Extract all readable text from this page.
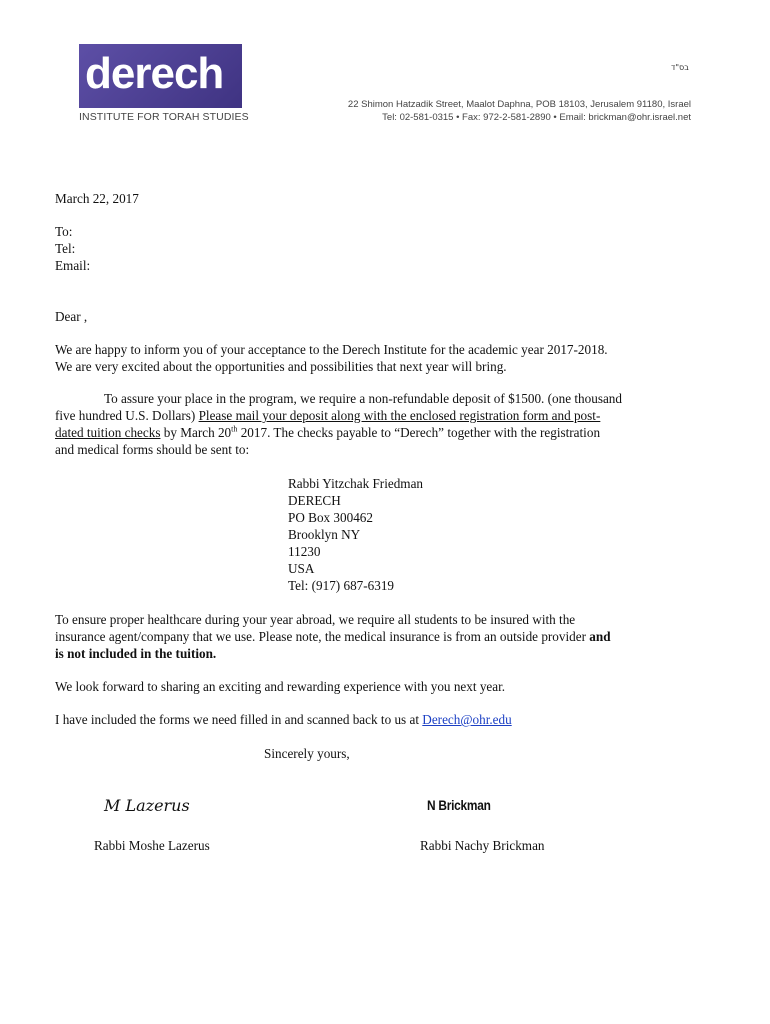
derech
INSTITUTE FOR TORAH STUDIES
בס"ד
22 Shimon Hatzadik Street, Maalot Daphna, POB 18103, Jerusalem 91180, Israel
Tel: 02-581-0315 • Fax: 972-2-581-2890 • Email: brickman@ohr.israel.net
March 22, 2017
To:
Tel:
Email:
Dear ,
We are happy to inform you of your acceptance to the Derech Institute for the academic year 2017-2018.
We are very excited about the opportunities and possibilities that next year will bring.
To assure your place in the program, we require a non-refundable deposit of $1500. (one thousand
five hundred U.S. Dollars) Please mail your deposit along with the enclosed registration form and post-
dated tuition checks by March 20th 2017. The checks payable to “Derech” together with the registration
and medical forms should be sent to:
Rabbi Yitzchak Friedman
DERECH
PO Box 300462
Brooklyn NY
11230
USA
Tel: (917) 687-6319
To ensure proper healthcare during your year abroad, we require all students to be insured with the
insurance agent/company that we use. Please note, the medical insurance is from an outside provider and
is not included in the tuition.
We look forward to sharing an exciting and rewarding experience with you next year.
I have included the forms we need filled in and scanned back to us at Derech@ohr.edu
Sincerely yours,
M Lazerus	N Brickman
Rabbi Moshe Lazerus	Rabbi Nachy Brickman
